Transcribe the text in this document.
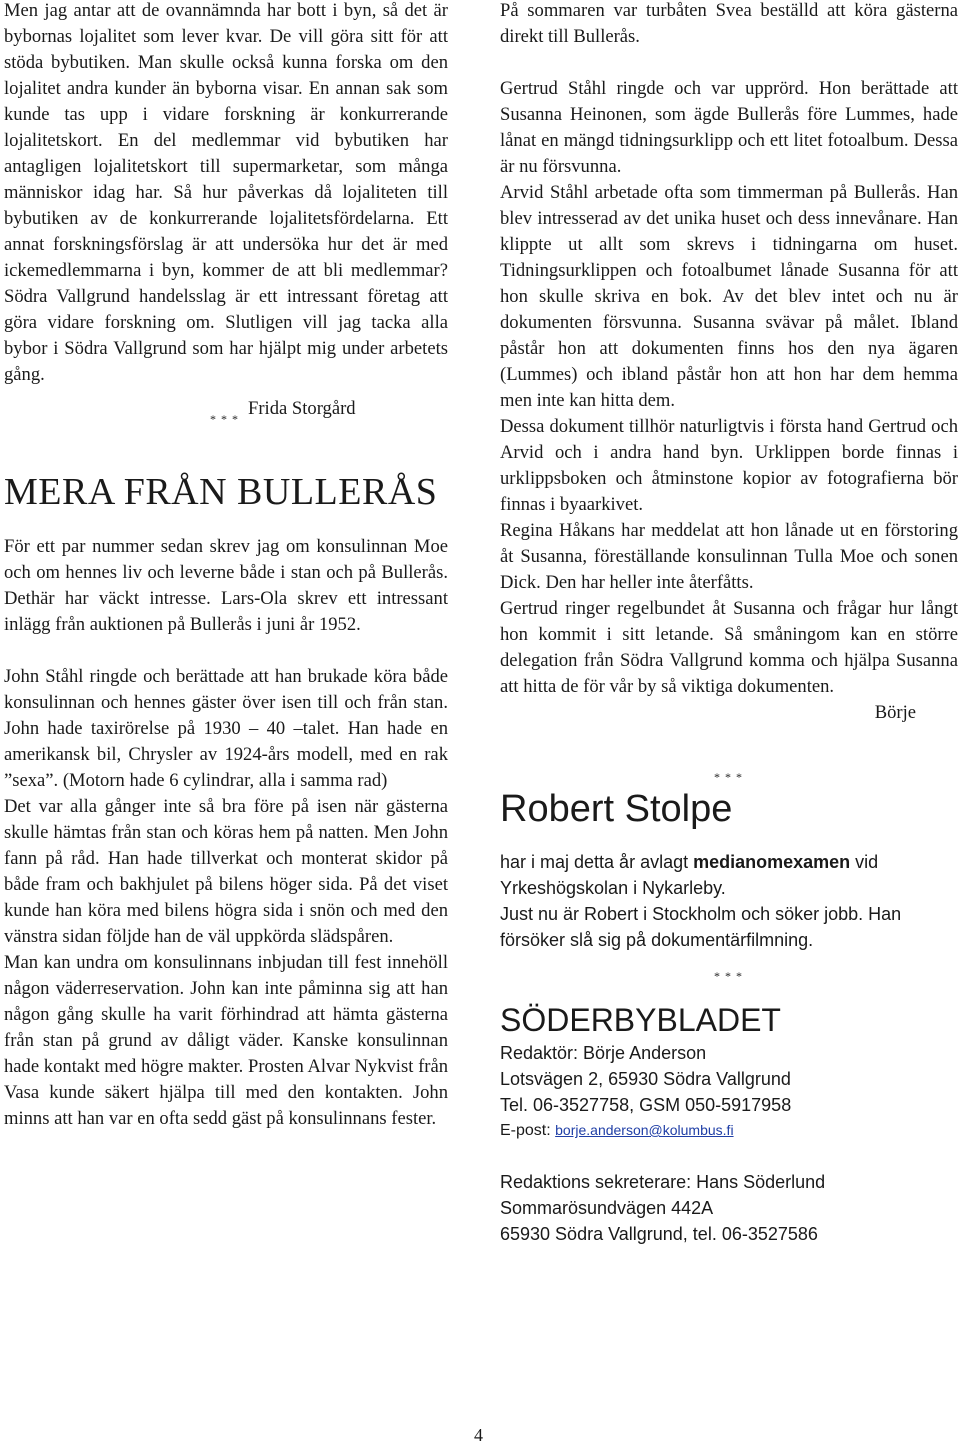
Men jag antar att de ovannämnda har bott i byn, så det är bybornas lojalitet som lever kvar. De vill göra sitt för att stöda bybutiken. Man skulle också kunna forska om den lojalitet andra kunder än byborna visar. En annan sak som kunde tas upp i vidare forskning är konkurrerande lojalitetskort. En del medlemmar vid bybutiken har antagligen lojalitetskort till supermarketar, som många människor idag har. Så hur påverkas då lojaliteten till bybutiken av de konkurrerande lojalitetsfördelarna. Ett annat forskningsförslag är att undersöka hur det är med ickemedlemmarna i byn, kommer de att bli medlemmar? Södra Vallgrund handelsslag är ett intressant företag att göra vidare forskning om. Slutligen vill jag tacka alla bybor i Södra Vallgrund som har hjälpt mig under arbetets gång.

Frida Storgård
* * *
MERA FRÅN BULLERÅS

För ett par nummer sedan skrev jag om konsulinnan Moe och om hennes liv och leverne både i stan och på Bullerås. Dethär har väckt intresse. Lars-Ola skrev ett intressant inlägg från auktionen på Bullerås i juni år 1952.

John Ståhl ringde och berättade att han brukade köra både konsulinnan och hennes gäster över isen till och från stan. John hade taxirörelse på 1930 – 40 –talet. Han hade en amerikansk bil, Chrysler av 1924-års modell, med en rak ”sexa”. (Motorn hade 6 cylindrar, alla i samma rad)

Det var alla gånger inte så bra före på isen när gästerna skulle hämtas från stan och köras hem på natten. Men John fann på råd. Han hade tillverkat och monterat skidor på både fram och bakhjulet på bilens höger sida. På det viset kunde han köra med bilens högra sida i snön och med den vänstra sidan följde han de väl uppkörda slädspåren.

Man kan undra om konsulinnans inbjudan till fest innehöll någon väderreservation. John kan inte påminna sig att han någon gång skulle ha varit förhindrad att hämta gästerna från stan på grund av dåligt väder. Kanske konsulinnan hade kontakt med högre makter. Prosten Alvar Nykvist från Vasa kunde säkert hjälpa till med den kontakten. John minns att han var en ofta sedd gäst på konsulinnans fester.

På sommaren var turbåten Svea beställd att köra gästerna direkt till Bullerås.

Gertrud Ståhl ringde och var upprörd. Hon berättade att Susanna Heinonen, som ägde Bullerås före Lummes, hade lånat en mängd tidningsurklipp och ett litet fotoalbum. Dessa är nu försvunna.

Arvid Ståhl arbetade ofta som timmerman på Bullerås. Han blev intresserad av det unika huset och dess innevånare. Han klippte ut allt som skrevs i tidningarna om huset. Tidningsurklippen och fotoalbumet lånade Susanna för att hon skulle skriva en bok. Av det blev intet och nu är dokumenten försvunna. Susanna svävar på målet. Ibland påstår hon att dokumenten finns hos den nya ägaren (Lummes) och ibland påstår hon att hon har dem hemma men inte kan hitta dem.

Dessa dokument tillhör naturligtvis i första hand Gertrud och Arvid och i andra hand byn. Urklippen borde finnas i urklippsboken och åtminstone kopior av fotografierna bör finnas i byaarkivet.

Regina Håkans har meddelat att hon lånade ut en förstoring åt Susanna, föreställande konsulinnan Tulla Moe och sonen Dick. Den har heller inte återfåtts.

Gertrud ringer regelbundet åt Susanna och frågar hur långt hon kommit i sitt letande. Så småningom kan en större delegation från Södra Vallgrund komma och hjälpa Susanna att hitta de för vår by så viktiga dokumenten.

Börje
* * *
Robert Stolpe

har i maj detta år avlagt medianomexamen vid Yrkeshögskolan i Nykarleby.

Just nu är Robert i Stockholm och söker jobb. Han försöker slå sig på dokumentärfilmning.

* * *
SÖDERBYBLADET
Redaktör: Börje Anderson
Lotsvägen 2, 65930 Södra Vallgrund
Tel. 06-3527758, GSM 050-5917958
E-post: borje.anderson@kolumbus.fi
Redaktions sekreterare: Hans Söderlund
Sommarösundvägen 442A
65930 Södra Vallgrund, tel. 06-3527586
4
